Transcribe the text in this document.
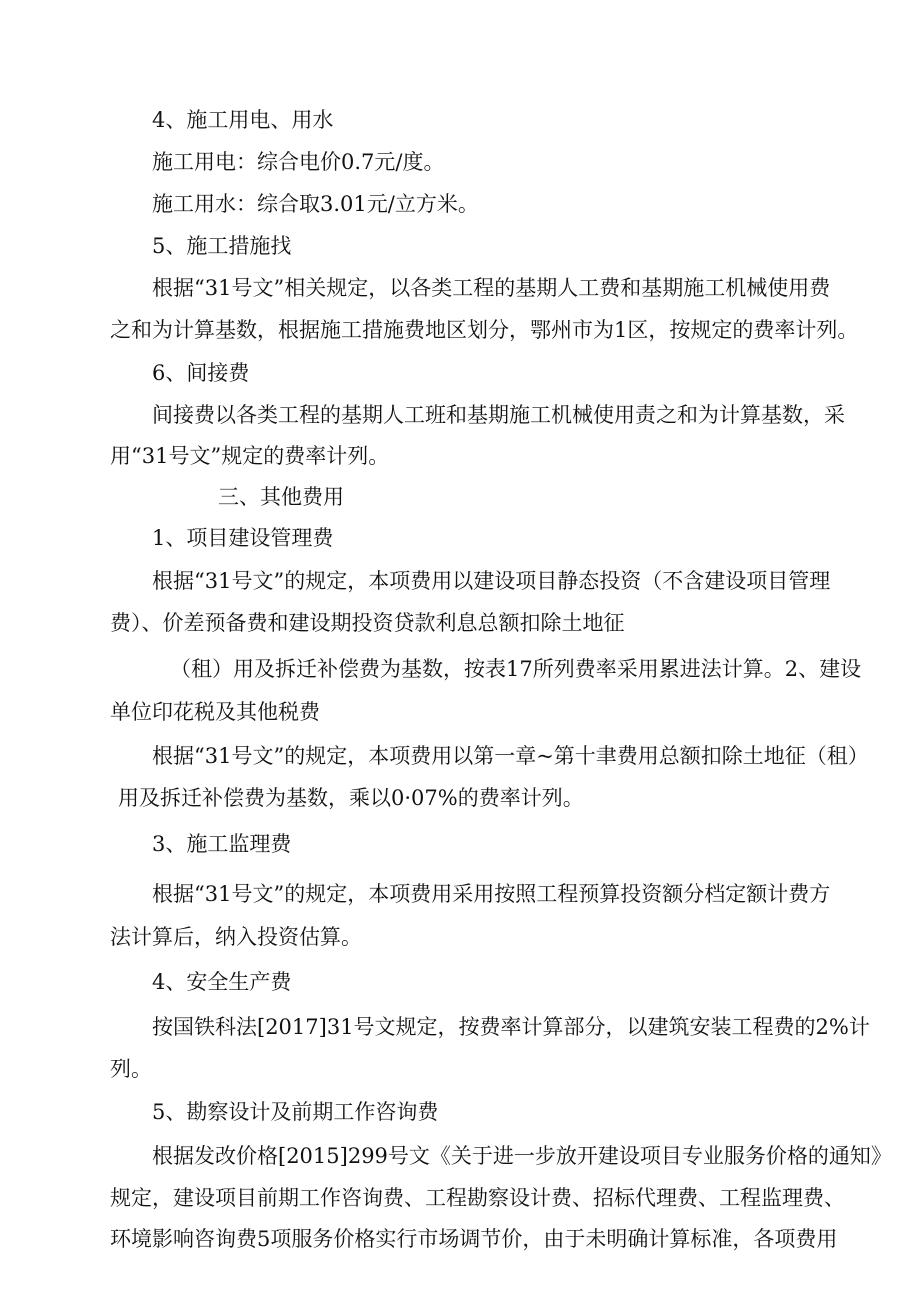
4、施工用电、用水
施工用电：综合电价0.7元/度。
施工用水：综合取3.01元/立方米。
5、施工措施找
根据“31号文”相关规定，以各类工程的基期人工费和基期施工机械使用费
之和为计算基数，根据施工措施费地区划分，鄂州市为1区，按规定的费率计列。
6、间接费
间接费以各类工程的基期人工班和基期施工机械使用责之和为计算基数，采
用“31号文”规定的费率计列。
三、其他费用
1、项目建设管理费
根据“31号文”的规定，本项费用以建设项目静态投资（不含建设项目管理
费）、价差预备费和建设期投资贷款利息总额扣除土地征
（租）用及拆迁补偿费为基数，按表17所列费率采用累进法计算。2、建设
单位印花税及其他税费
根据“31号文”的规定，本项费用以第一章~第十聿费用总额扣除土地征（租）
用及拆迁补偿费为基数，乘以0·07%的费率计列。
3、施工监理费
根据“31号文”的规定，本项费用采用按照工程预算投资额分档定额计费方
法计算后，纳入投资估算。
4、安全生产费
按国铁科法[2017]31号文规定，按费率计算部分，以建筑安装工程费的2%计
列。
5、勘察设计及前期工作咨询费
根据发改价格[2015]299号文《关于进一步放开建设项目专业服务价格的通知》
规定，建设项目前期工作咨询费、工程勘察设计费、招标代理费、工程监理费、
环境影响咨询费5项服务价格实行市场调节价，由于未明确计算标准，各项费用
